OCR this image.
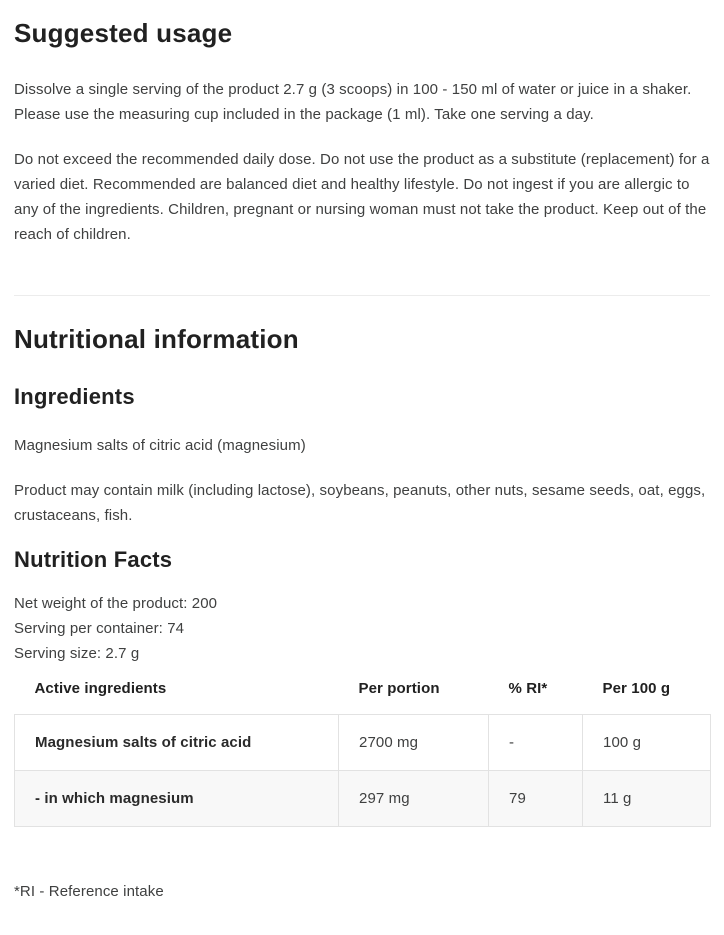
Suggested usage

Dissolve a single serving of the product 2.7 g (3 scoops) in 100 - 150 ml of water or juice in a shaker. Please use the measuring cup included in the package (1 ml). Take one serving a day.

Do not exceed the recommended daily dose. Do not use the product as a substitute (replacement) for a varied diet. Recommended are balanced diet and healthy lifestyle. Do not ingest if you are allergic to any of the ingredients. Children, pregnant or nursing woman must not take the product. Keep out of the reach of children.

Nutritional information
Ingredients

Magnesium salts of citric acid (magnesium)

Product may contain milk (including lactose), soybeans, peanuts, other nuts, sesame seeds, oat, eggs, crustaceans, fish.

Nutrition Facts

Net weight of the product: 200

Serving per container: 74

Serving size: 2.7 g

Active ingredients	Per portion	% RI*	Per 100 g
Magnesium salts of citric acid	2700 mg	-	100 g
- in which magnesium	297 mg	79	11 g

*RI - Reference intake
